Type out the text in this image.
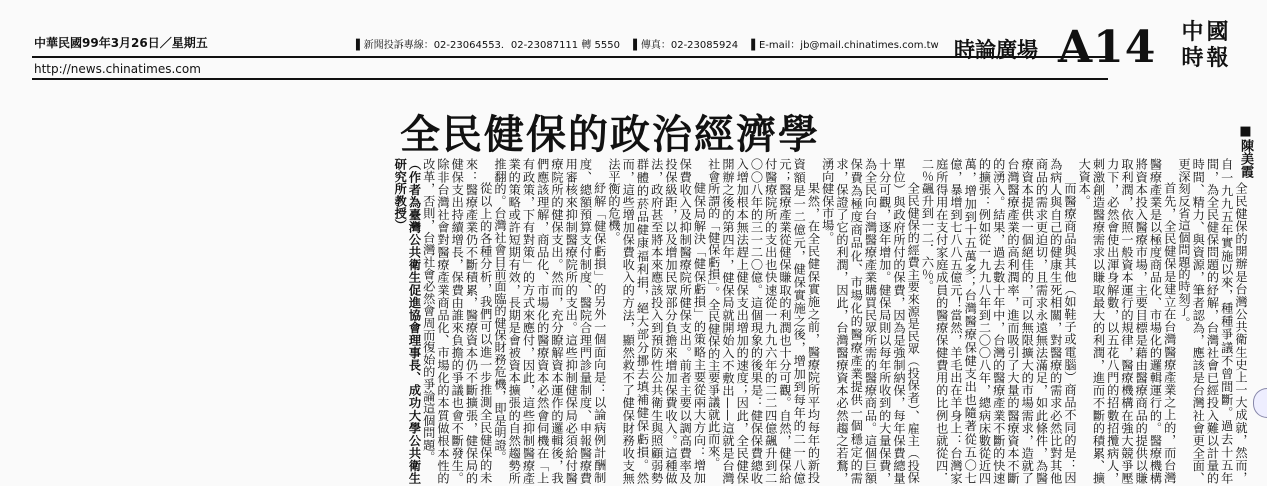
中華民國99年3月26日／星期五	▌新聞投訴專線：02-23064553．02-23087111 轉 5550 ▌傳真：02-23085924 ▌E-mail：jb@mail.chinatimes.com.tw
http://news.chinatimes.com
時論廣場 A14 中 國
時 報
全民健保的政治經濟學	■陳美霞

全民健保的開辦是台灣公共衛生史上一大成就，然而，自一九九五年實施以來，種種爭議不曾間斷。過去十五年間，為全民健保問題的紓解，台灣社會已經投入難以計量的時間、精力、與資源，筆者認為，應該是台灣社會更全面、更深刻反省這個問題的時刻了。

首先，全民健保是建立在台灣醫療產業之上的，而台灣醫療產業是以極度商品化、市場化的邏輯運行的。醫療機構將資本投入醫療市場，主要目標是藉由醫療商品的提供以賺取利潤，依照一般資本運行的規律，醫療機構在強大競爭壓力下，必然會使出渾身解數，以五花八門的招數招攬病人，刺激創造醫療需求以賺取最大的利潤，進而不斷的積累、擴大資本。

而醫療商品與其他（如鞋子或電腦）商品不同的是：因為病人與自己的健康生死相關，對醫療的需求必然比對其他商品的需求更迫切，且需求永遠無法滿足，如此條件，為醫療資本提供一個絕佳的，可以無限擴大的市場需求，造就了台灣醫療產業的高利潤率，進而吸引了大量的醫療資本不斷的湧入。結果，過去數十年中，台灣的醫療產業不斷的快速的擴張：例如從一九九八年到二〇〇八年，總病床數從近四萬，增加到十五萬多；台灣醫療保健支出也隨著從五〇七億，暴增到七八八五億元！當然，羊毛出在羊身上：台灣家庭所得用在支付家庭成員的醫療保健費用的比例也就從四．二％飆升到一二．六％。

全民健保的經費主要來源是民眾（投保者）、雇主（投保單位）與政府所付的保費，因為是強制納保，每年保費總量十分可觀，逐年增加。健保局則以每年所收到的大量保費，為全民向台灣醫療產業購買民眾所需的醫療商品。這個巨額保費為極度商品化、市場化的醫療產業提供一個穩定的需求，保證了它的利潤，因此，台灣醫療資本必然趨之若鶩，湧向健保市場。

果然，在全民健保實施之前，醫療院所平均每年的新投資額是一二億元，健保實施之後，增加到每年的二一八億元；醫療產業從健保賺取的利潤也十分可觀。自然，健保給付醫療院所的支出也快速從一九九六年的二二四億飆升到二〇〇八年的三一二〇億。這個現象的後果是：健保保費總收入增加根本無法趕上健保支出增加的速度；因此，全民健保開辦之後的第四年，健保局就開始入不敷出——這就是台灣社會所謂的「健保虧損」。全民健保的主要爭議就此而來。

健保局解決「健保虧損」的策略主要從兩大方向：增加保費收入及抑制醫療院所健保支出。前者主要以調高費率及投保級距，以及增加民眾部分負擔來增加保費收入。這種做法，政府甚至將本來應該投入到預防性公共衛生與照顧弱勢群體的菸品健康福利捐，絕大部分挪去填補健保虧損。然而，這些增加保費收入的方法，顯然救不了健保財務收支無法平衡的危機。

紓解「健保虧損」的另外一個面向是：以論病例計酬制度、總額預算支付制度、醫院合理門診量制度、申報醫療費用審核來抑制醫療院所的支出。這些抑制健保局必須給付醫療院所的健保支出。然而，充分瞭解資本運作的邏輯後，我們應該理解，商品化、市場化的醫療資本必然會伺機在「上有政策，下有對策」的方式來應付，因此，這些抑制醫療產業的策略或許短期有效，長期是會被資本擴張的自然趨勢所推翻的。台灣社會目前面臨的健保財務危機，即是明證。

從以上的各種分析，我們可以進一步推測全民健保的未來：醫療產業仍不斷積累，醫療資本仍不斷擴張，健保局的健保支出持續增長，保費由誰來負擔的爭議也會不斷發生。除非台灣社會對醫療產業商品化、市場化的本質做根本性的改革，否則，台灣社會必然會周而復始的爭論這個問題。

（作者為臺灣公共衛生促進協會理事長、成功大學公共衛生研究所教授）
